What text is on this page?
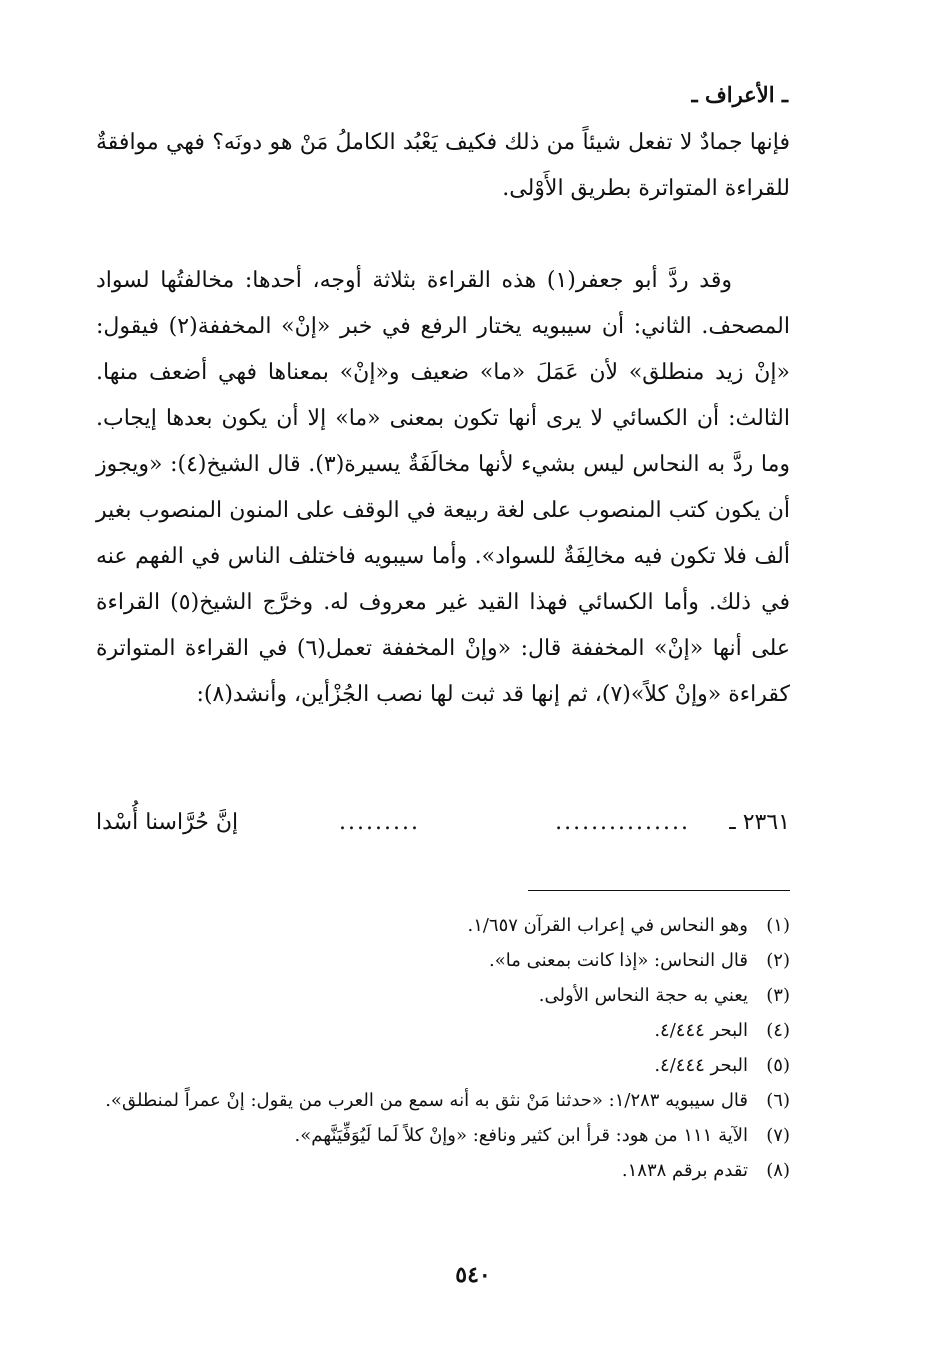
ـ الأعراف ـ

فإنها جمادٌ لا تفعل شيئاً من ذلك فكيف يَعْبُد الكاملُ مَنْ هو دونَه؟ فهي موافقةٌ للقراءة المتواترة بطريق الأَوْلى.

وقد ردَّ أبو جعفر(١) هذه القراءة بثلاثة أوجه، أحدها: مخالفتُها لسواد المصحف. الثاني: أن سيبويه يختار الرفع في خبر «إنْ» المخففة(٢) فيقول: «إنْ زيد منطلق» لأن عَمَلَ «ما» ضعيف و«إنْ» بمعناها فهي أضعف منها. الثالث: أن الكسائي لا يرى أنها تكون بمعنى «ما» إلا أن يكون بعدها إيجاب. وما ردَّ به النحاس ليس بشيء لأنها مخالَفَةٌ يسيرة(٣). قال الشيخ(٤): «ويجوز أن يكون كتب المنصوب على لغة ربيعة في الوقف على المنون المنصوب بغير ألف فلا تكون فيه مخالِفَةٌ للسواد». وأما سيبويه فاختلف الناس في الفهم عنه في ذلك. وأما الكسائي فهذا القيد غير معروف له. وخرَّج الشيخ(٥) القراءة على أنها «إنْ» المخففة قال: «وإنْ المخففة تعمل(٦) في القراءة المتواترة كقراءة «وإنْ كلاً»(٧)، ثم إنها قد ثبت لها نصب الجُزْأين، وأنشد(٨):

٢٣٦١ ـ
...............
.........
إنَّ حُرَّاسنا أُسْدا
(١)
وهو النحاس في إعراب القرآن ١/٦٥٧.
(٢)
قال النحاس: «إذا كانت بمعنى ما».
(٣)
يعني به حجة النحاس الأولى.
(٤)
البحر ٤/٤٤٤.
(٥)
البحر ٤/٤٤٤.
(٦)
قال سيبويه ١/٢٨٣: «حدثنا مَنْ نثق به أنه سمع من العرب من يقول: إنْ عمراً لمنطلق».
(٧)
الآية ١١١ من هود: قرأ ابن كثير ونافع: «وإنْ كلاً لَما لَيُوَفِّيَنَّهم».
(٨)
تقدم برقم ١٨٣٨.
٥٤٠
